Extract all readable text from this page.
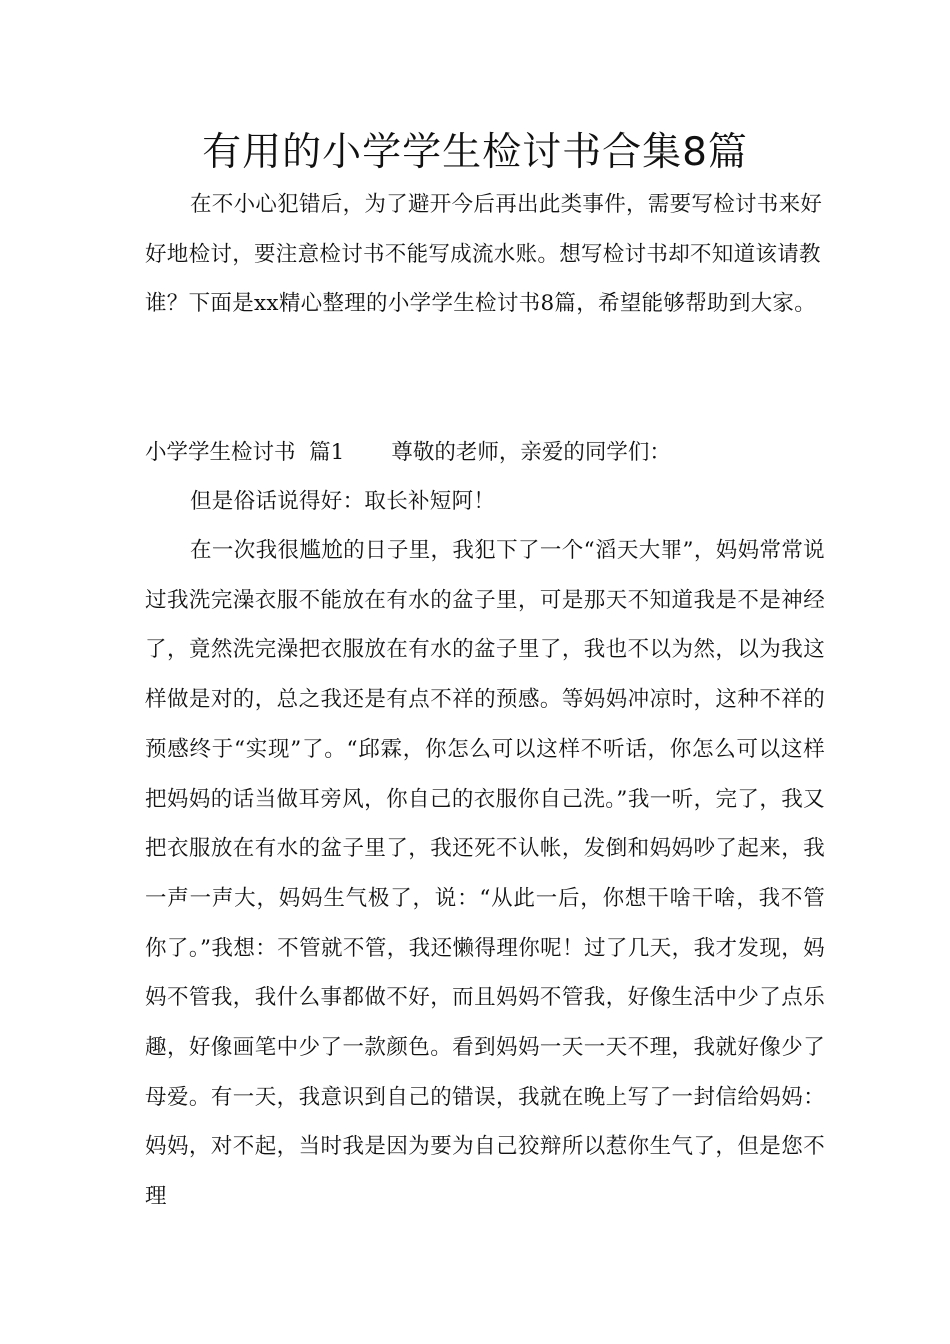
有用的小学学生检讨书合集8篇

在不小心犯错后，为了避开今后再出此类事件，需要写检讨书来好好地检讨，要注意检讨书不能写成流水账。想写检讨书却不知道该请教谁？下面是xx精心整理的小学学生检讨书8篇，希望能够帮助到大家。

小学学生检讨书  篇1 尊敬的老师，亲爱的同学们：

但是俗话说得好：取长补短阿！

在一次我很尴尬的日子里，我犯下了一个“滔天大罪”，妈妈常常说过我洗完澡衣服不能放在有水的盆子里，可是那天不知道我是不是神经了，竟然洗完澡把衣服放在有水的盆子里了，我也不以为然，以为我这样做是对的，总之我还是有点不祥的预感。等妈妈冲凉时，这种不祥的预感终于“实现”了。“邱霖，你怎么可以这样不听话，你怎么可以这样把妈妈的话当做耳旁风，你自己的衣服你自己洗。”我一听，完了，我又把衣服放在有水的盆子里了，我还死不认帐，发倒和妈妈吵了起来，我一声一声大，妈妈生气极了，说：“从此一后，你想干啥干啥，我不管你了。”我想：不管就不管，我还懒得理你呢！过了几天，我才发现，妈妈不管我，我什么事都做不好，而且妈妈不管我，好像生活中少了点乐趣，好像画笔中少了一款颜色。看到妈妈一天一天不理，我就好像少了母爱。有一天，我意识到自己的错误，我就在晚上写了一封信给妈妈：妈妈，对不起，当时我是因为要为自己狡辩所以惹你生气了，但是您不理
